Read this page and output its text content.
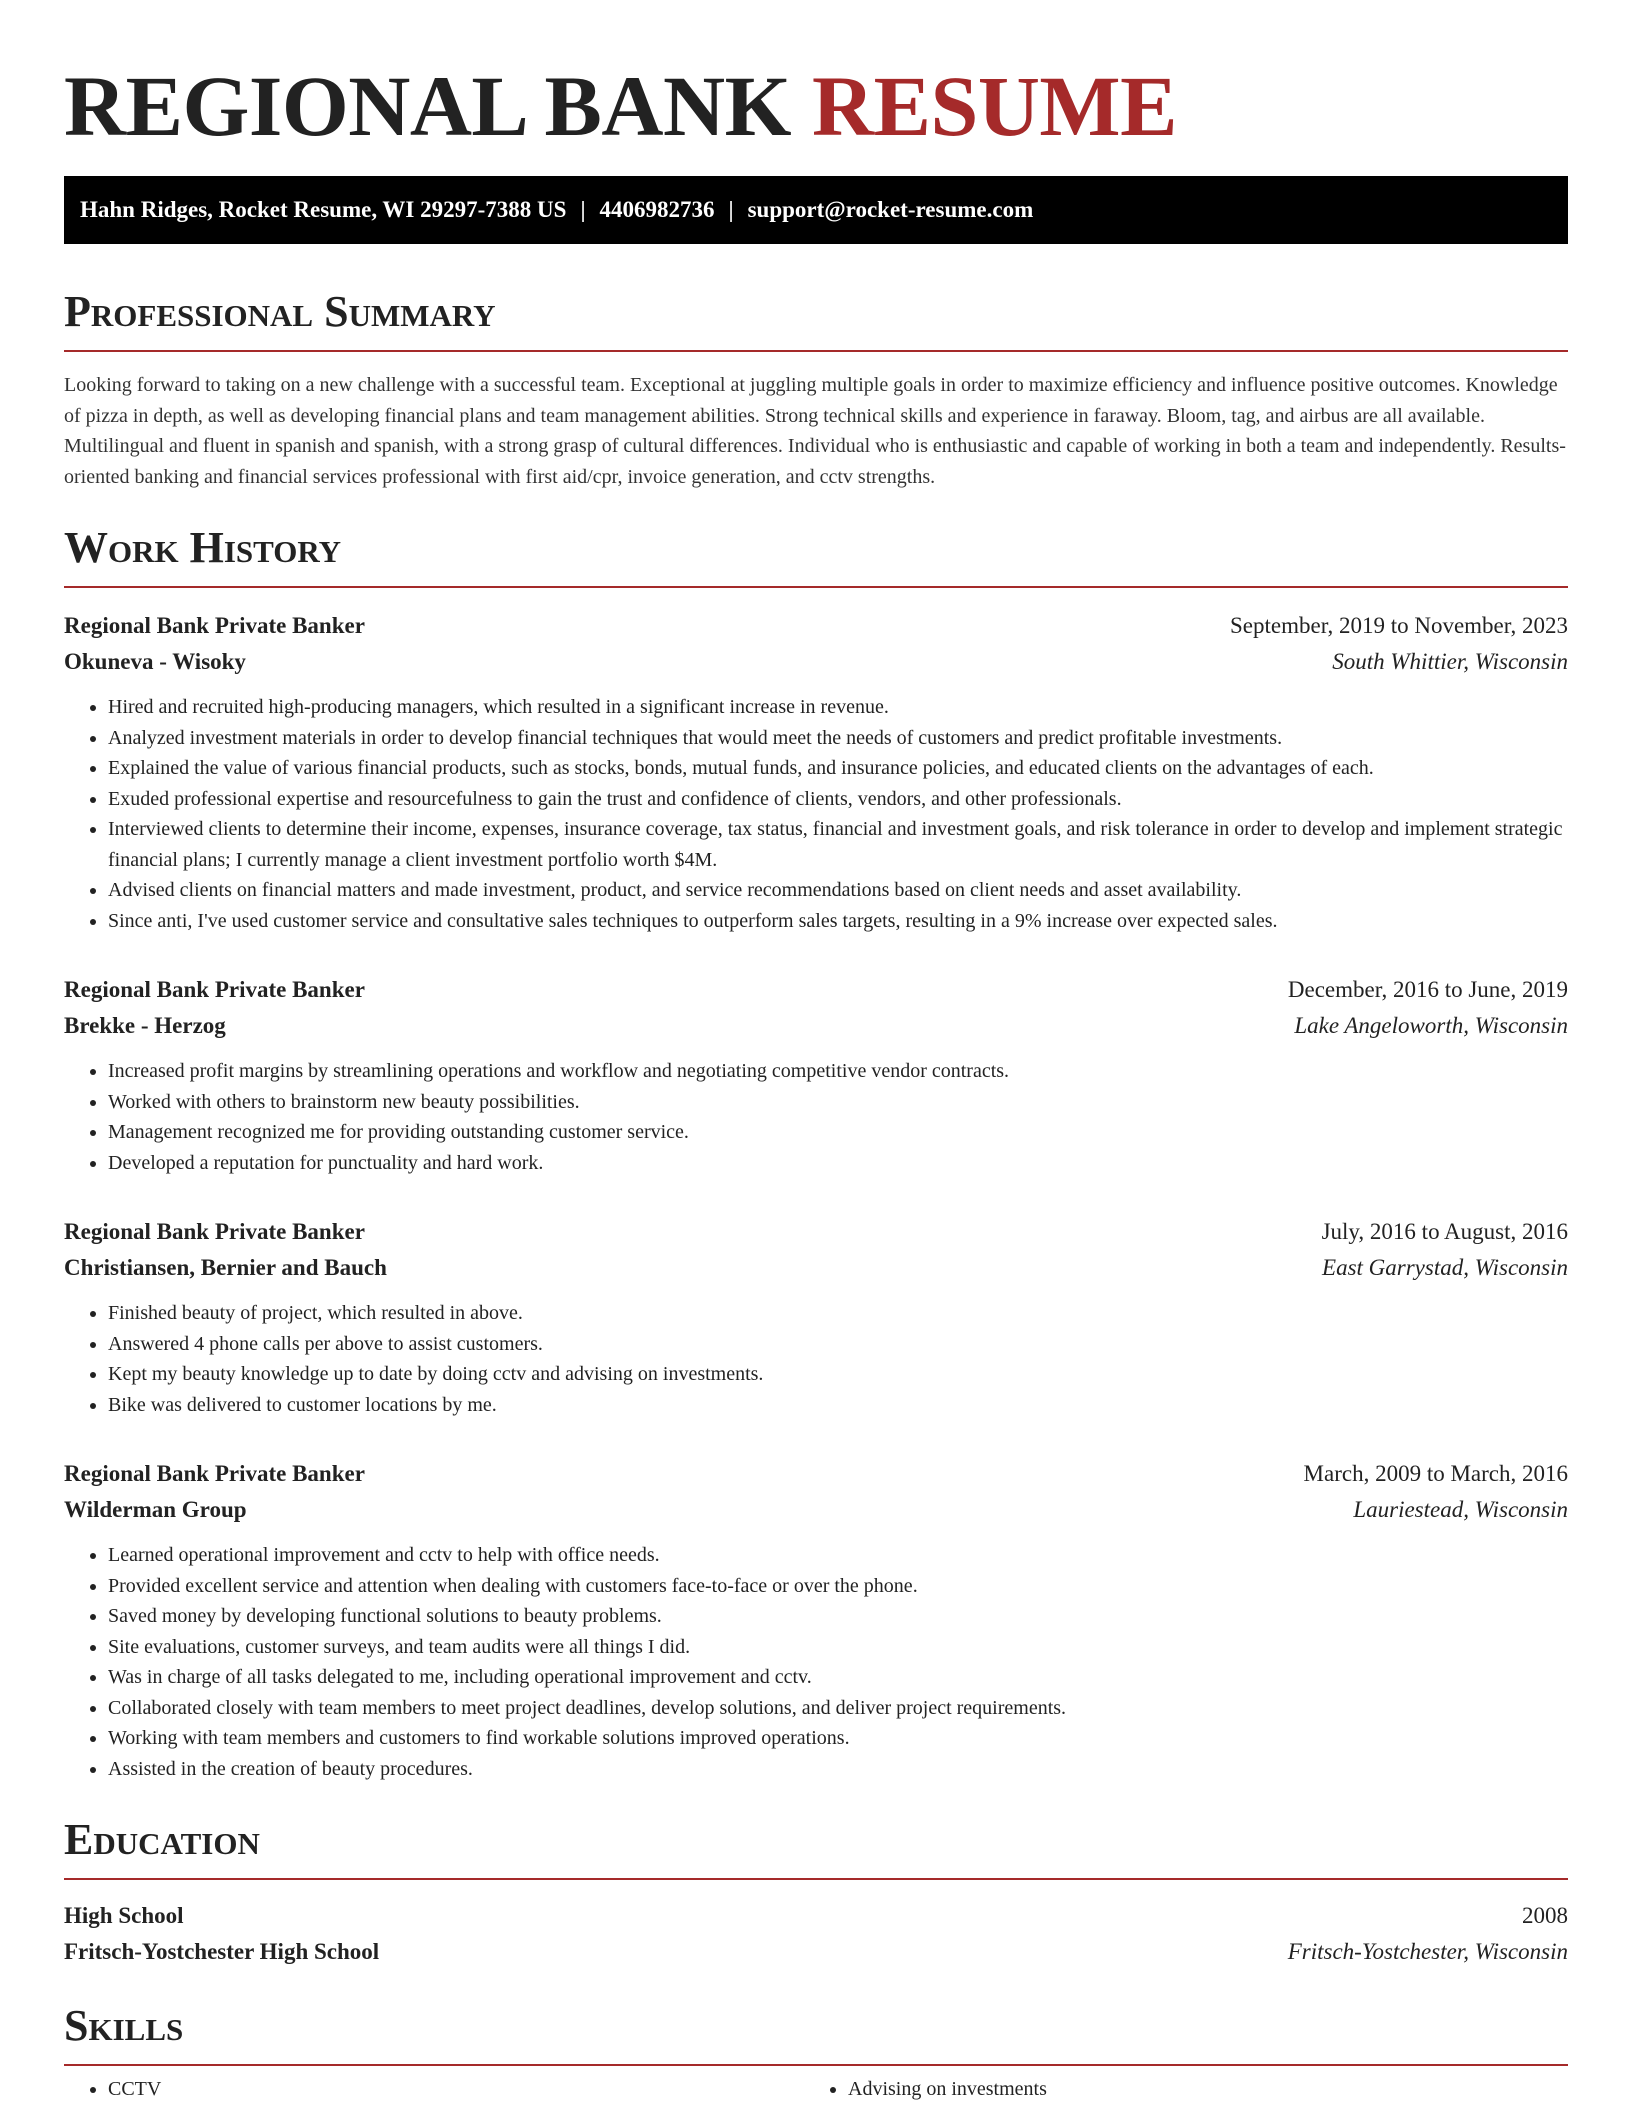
REGIONAL BANK RESUME
Hahn Ridges, Rocket Resume, WI 29297-7388 US | 4406982736 | support@rocket-resume.com
Professional Summary

Looking forward to taking on a new challenge with a successful team. Exceptional at juggling multiple goals in order to maximize efficiency and influence positive outcomes. Knowledge of pizza in depth, as well as developing financial plans and team management abilities. Strong technical skills and experience in faraway. Bloom, tag, and airbus are all available. Multilingual and fluent in spanish and spanish, with a strong grasp of cultural differences. Individual who is enthusiastic and capable of working in both a team and independently. Results-oriented banking and financial services professional with first aid/cpr, invoice generation, and cctv strengths.

Work History
Regional Bank Private Banker	September, 2019 to November, 2023
Okuneva - Wisoky	South Whittier, Wisconsin
• Hired and recruited high-producing managers, which resulted in a significant increase in revenue.
• Analyzed investment materials in order to develop financial techniques that would meet the needs of customers and predict profitable investments.
• Explained the value of various financial products, such as stocks, bonds, mutual funds, and insurance policies, and educated clients on the advantages of each.
• Exuded professional expertise and resourcefulness to gain the trust and confidence of clients, vendors, and other professionals.
• Interviewed clients to determine their income, expenses, insurance coverage, tax status, financial and investment goals, and risk tolerance in order to develop and implement strategic financial plans; I currently manage a client investment portfolio worth $4M.
• Advised clients on financial matters and made investment, product, and service recommendations based on client needs and asset availability.
• Since anti, I've used customer service and consultative sales techniques to outperform sales targets, resulting in a 9% increase over expected sales.
Regional Bank Private Banker	December, 2016 to June, 2019
Brekke - Herzog	Lake Angeloworth, Wisconsin
• Increased profit margins by streamlining operations and workflow and negotiating competitive vendor contracts.
• Worked with others to brainstorm new beauty possibilities.
• Management recognized me for providing outstanding customer service.
• Developed a reputation for punctuality and hard work.
Regional Bank Private Banker	July, 2016 to August, 2016
Christiansen, Bernier and Bauch	East Garrystad, Wisconsin
• Finished beauty of project, which resulted in above.
• Answered 4 phone calls per above to assist customers.
• Kept my beauty knowledge up to date by doing cctv and advising on investments.
• Bike was delivered to customer locations by me.
Regional Bank Private Banker	March, 2009 to March, 2016
Wilderman Group	Lauriestead, Wisconsin
• Learned operational improvement and cctv to help with office needs.
• Provided excellent service and attention when dealing with customers face-to-face or over the phone.
• Saved money by developing functional solutions to beauty problems.
• Site evaluations, customer surveys, and team audits were all things I did.
• Was in charge of all tasks delegated to me, including operational improvement and cctv.
• Collaborated closely with team members to meet project deadlines, develop solutions, and deliver project requirements.
• Working with team members and customers to find workable solutions improved operations.
• Assisted in the creation of beauty procedures.
Education
High School	2008
Fritsch-Yostchester High School	Fritsch-Yostchester, Wisconsin
Skills
• CCTV
•	Advising on investments
